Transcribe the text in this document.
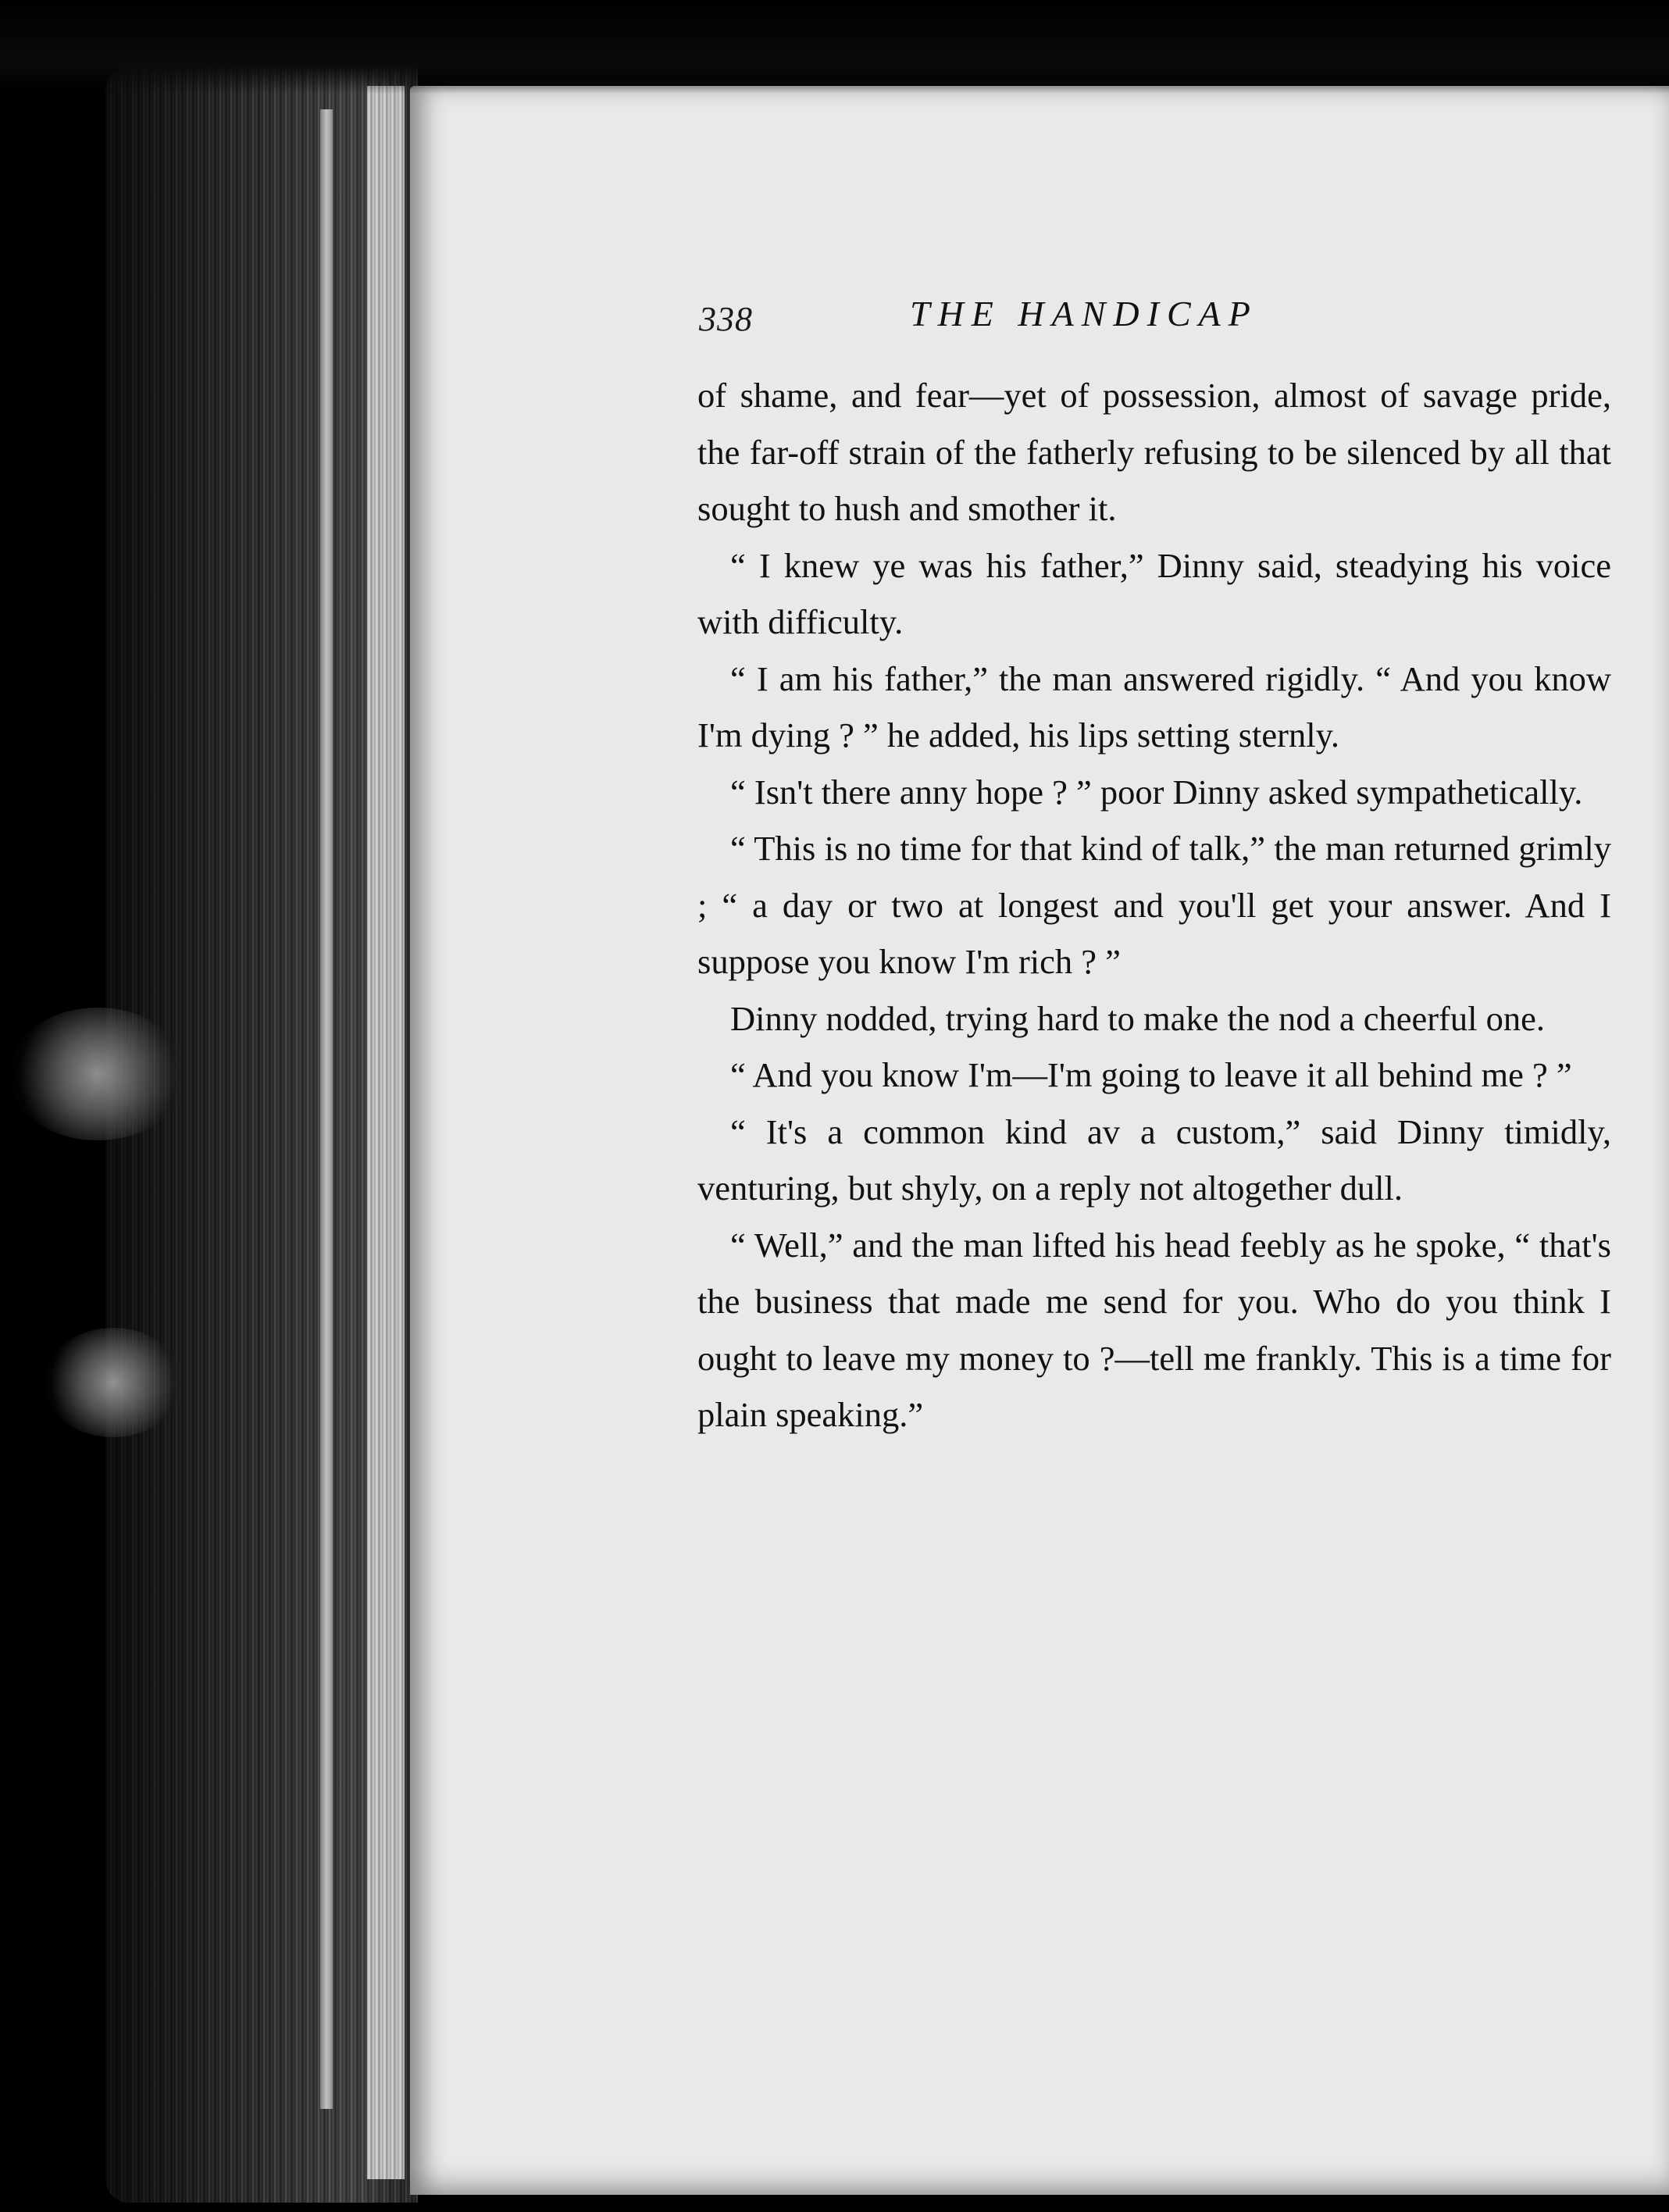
338	THE HANDICAP

of shame, and fear—yet of possession, almost of savage pride, the far-off strain of the fatherly refusing to be silenced by all that sought to hush and smother it.

“ I knew ye was his father,” Dinny said, steadying his voice with difficulty.

“ I am his father,” the man answered rigidly. “ And you know I'm dying ? ” he added, his lips setting sternly.

“ Isn't there anny hope ? ” poor Dinny asked sympathetically.

“ This is no time for that kind of talk,” the man returned grimly ; “ a day or two at longest and you'll get your answer. And I suppose you know I'm rich ? ”

Dinny nodded, trying hard to make the nod a cheerful one.

“ And you know I'm—I'm going to leave it all behind me ? ”

“ It's a common kind av a custom,” said Dinny timidly, venturing, but shyly, on a reply not altogether dull.

“ Well,” and the man lifted his head feebly as he spoke, “ that's the business that made me send for you. Who do you think I ought to leave my money to ?—tell me frankly. This is a time for plain speaking.”
